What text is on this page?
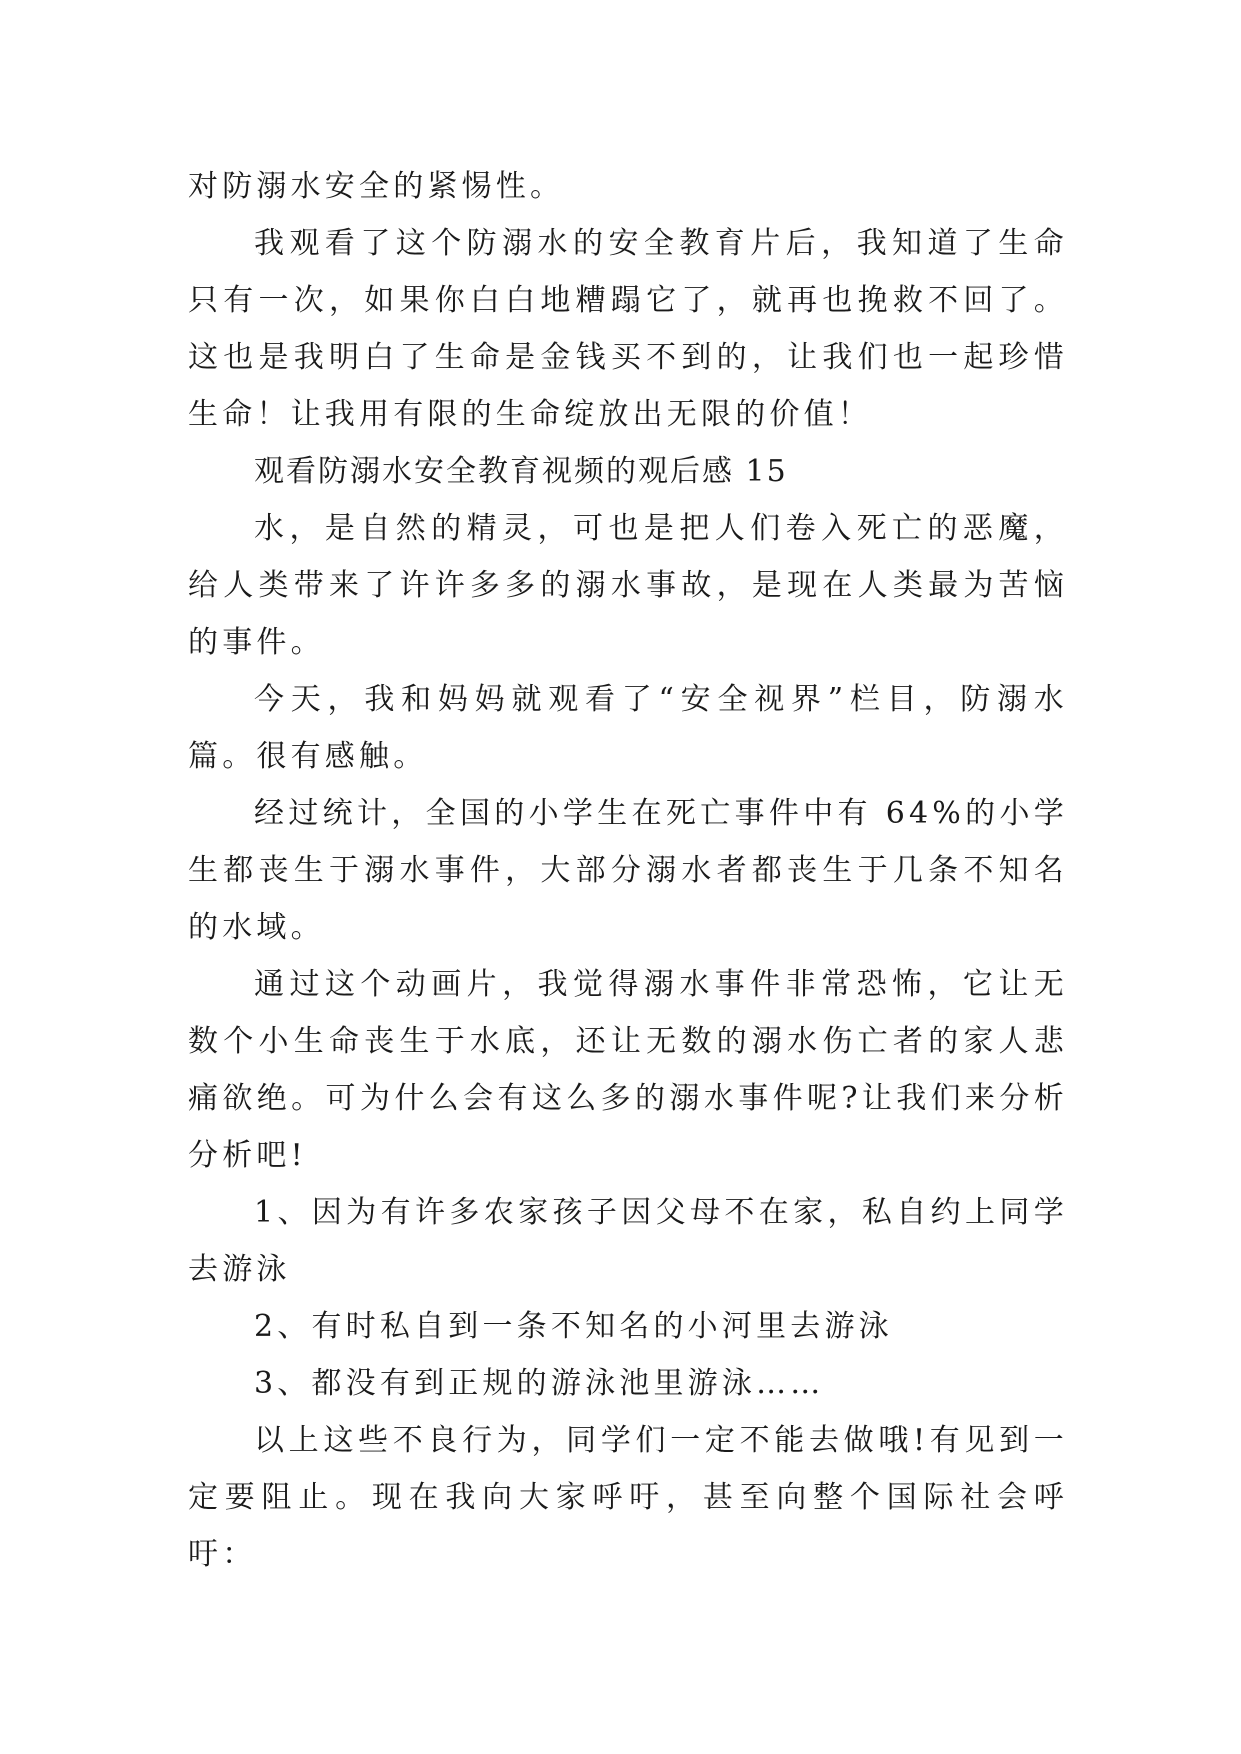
对防溺水安全的紧惕性。

我观看了这个防溺水的安全教育片后，我知道了生命只有一次，如果你白白地糟蹋它了，就再也挽救不回了。这也是我明白了生命是金钱买不到的，让我们也一起珍惜生命！让我用有限的生命绽放出无限的价值！

观看防溺水安全教育视频的观后感 15

水，是自然的精灵，可也是把人们卷入死亡的恶魔，给人类带来了许许多多的溺水事故，是现在人类最为苦恼的事件。

今天，我和妈妈就观看了“安全视界”栏目，防溺水篇。很有感触。

经过统计，全国的小学生在死亡事件中有 64%的小学生都丧生于溺水事件，大部分溺水者都丧生于几条不知名的水域。

通过这个动画片，我觉得溺水事件非常恐怖，它让无数个小生命丧生于水底，还让无数的溺水伤亡者的家人悲痛欲绝。可为什么会有这么多的溺水事件呢?让我们来分析分析吧!

1、因为有许多农家孩子因父母不在家，私自约上同学去游泳

2、有时私自到一条不知名的小河里去游泳

3、都没有到正规的游泳池里游泳……

以上这些不良行为，同学们一定不能去做哦!有见到一定要阻止。现在我向大家呼吁，甚至向整个国际社会呼吁：
